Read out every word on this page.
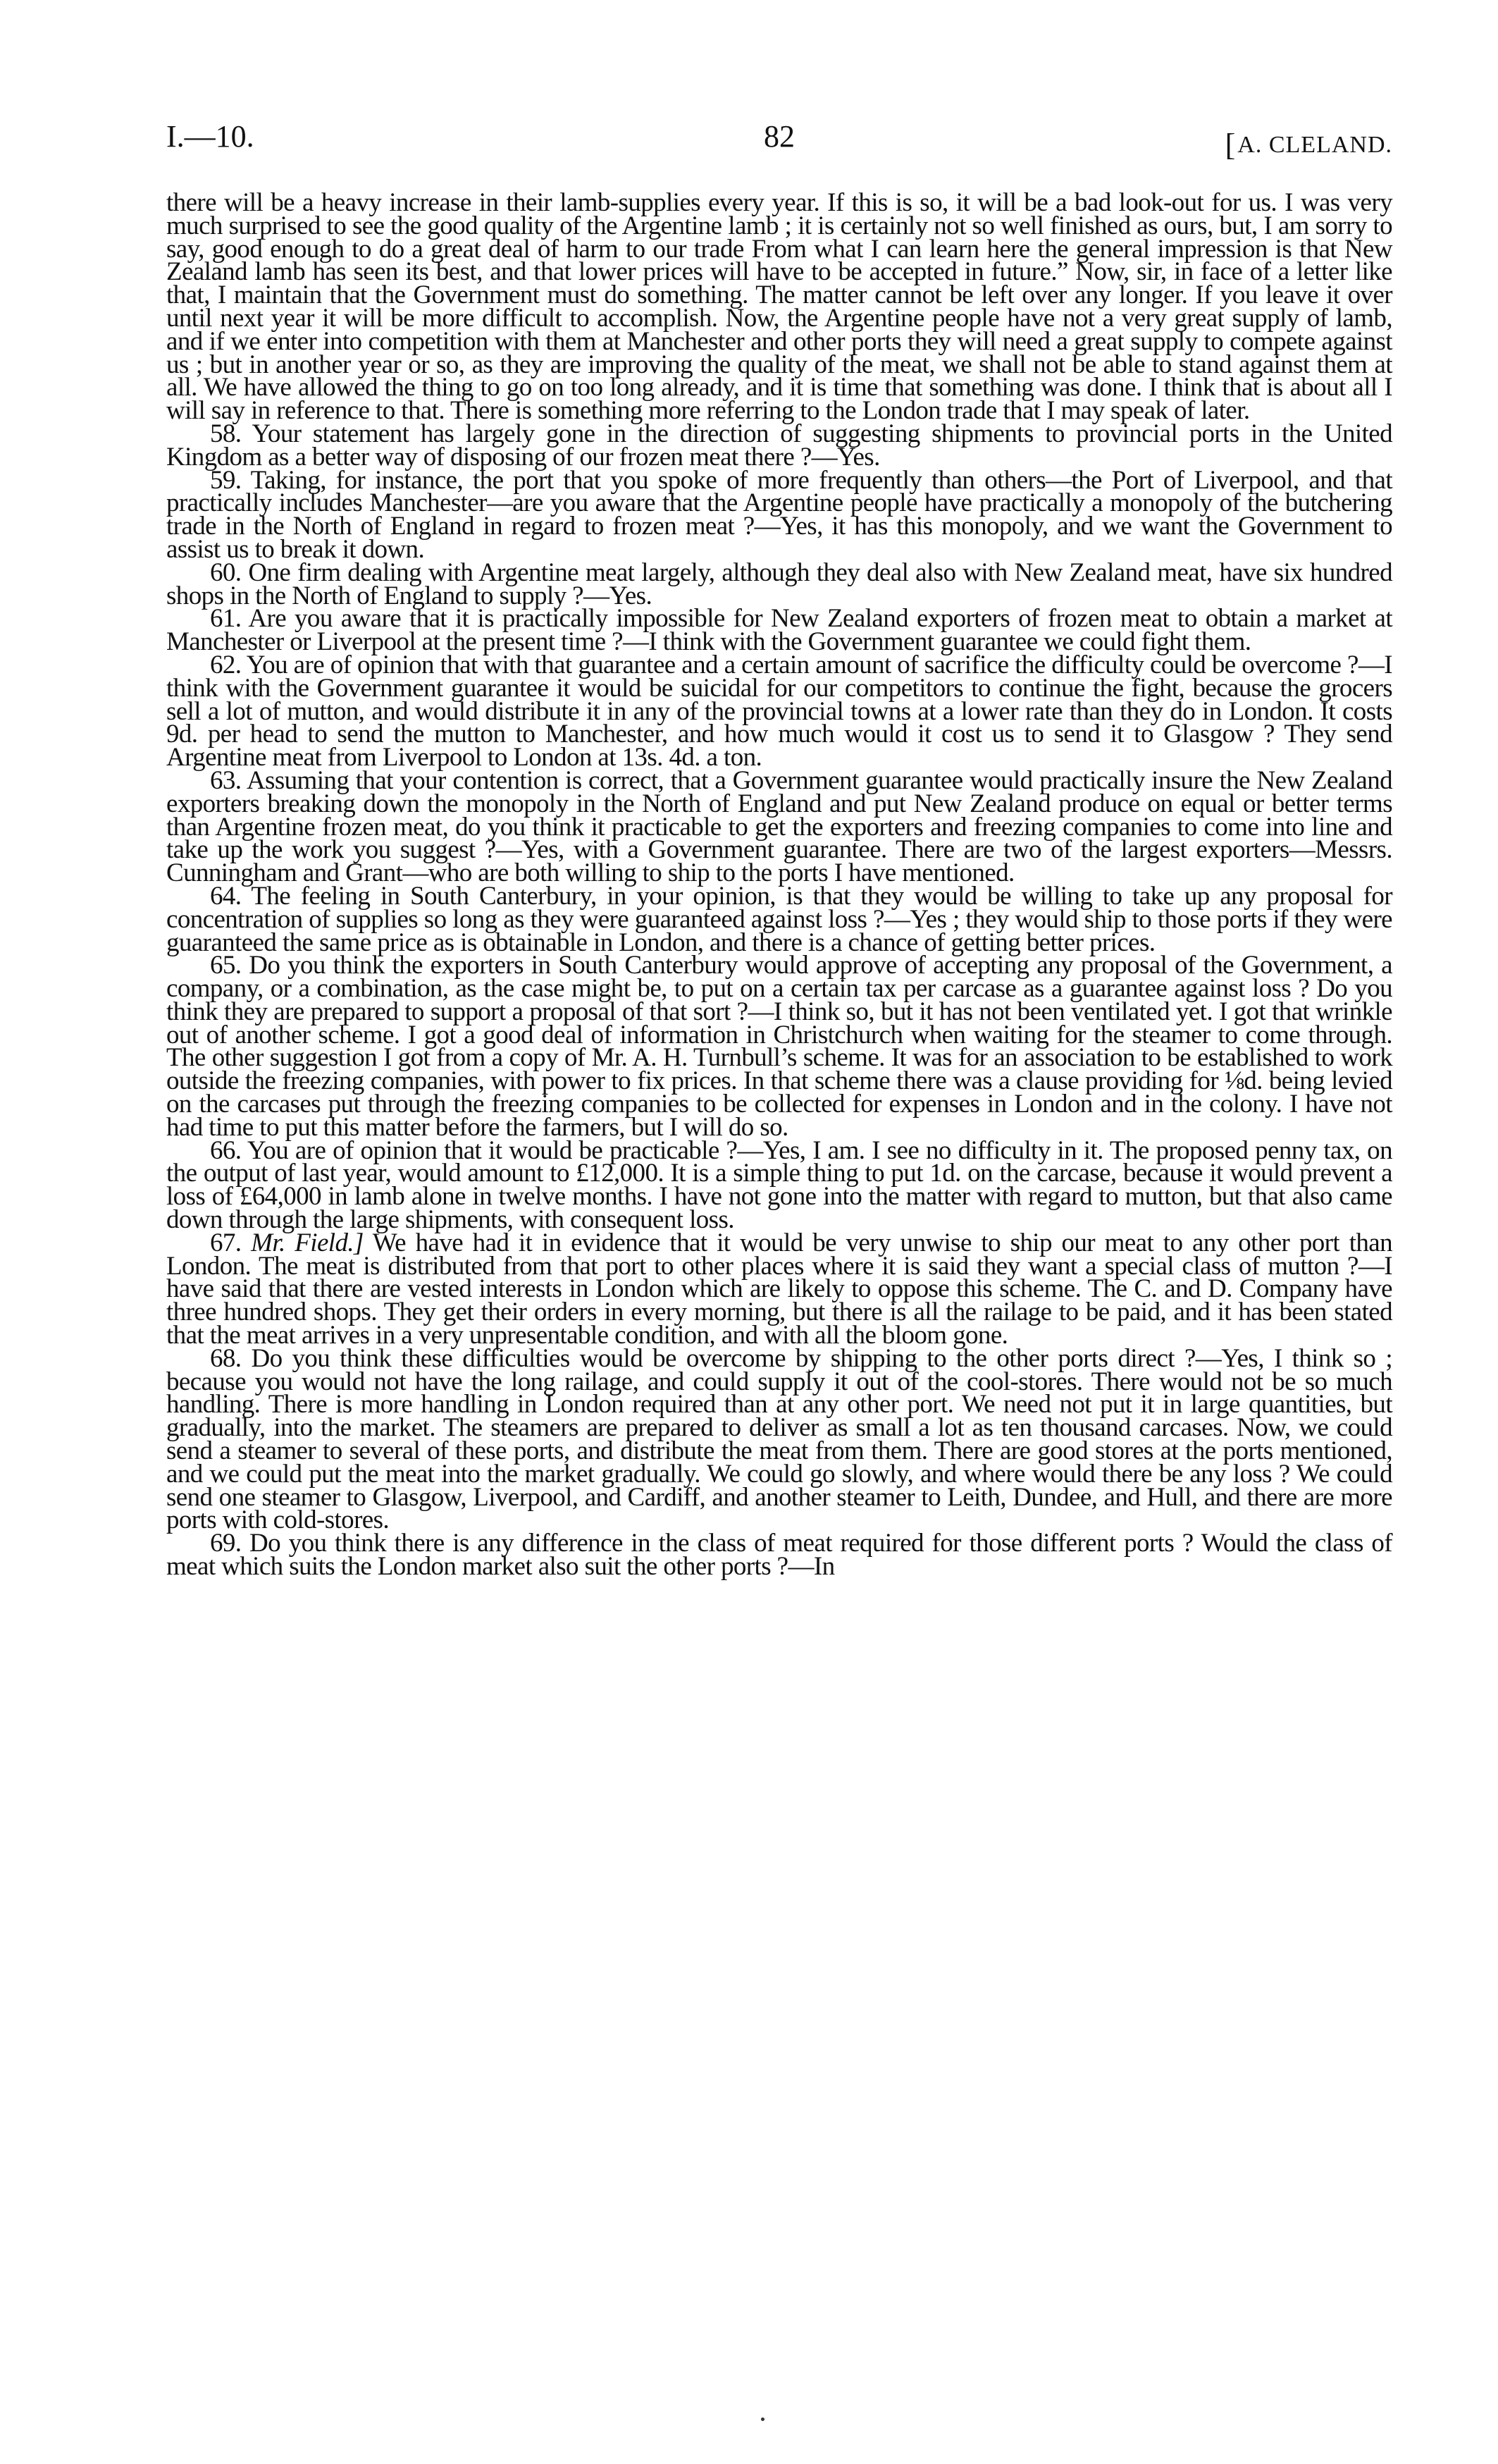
I.—10.	82	[ A. CLELAND.

there will be a heavy increase in their lamb-supplies every year. If this is so, it will be a bad look-out for us. I was very much surprised to see the good quality of the Argentine lamb ; it is certainly not so well finished as ours, but, I am sorry to say, good enough to do a great deal of harm to our trade From what I can learn here the general impression is that New Zealand lamb has seen its best, and that lower prices will have to be accepted in future.” Now, sir, in face of a letter like that, I maintain that the Government must do something. The matter cannot be left over any longer. If you leave it over until next year it will be more difficult to accomplish. Now, the Argentine people have not a very great supply of lamb, and if we enter into competition with them at Manchester and other ports they will need a great supply to compete against us ; but in another year or so, as they are improving the quality of the meat, we shall not be able to stand against them at all. We have allowed the thing to go on too long already, and it is time that something was done. I think that is about all I will say in reference to that. There is something more referring to the London trade that I may speak of later.

58. Your statement has largely gone in the direction of suggesting shipments to provincial ports in the United Kingdom as a better way of disposing of our frozen meat there ?—Yes.

59. Taking, for instance, the port that you spoke of more frequently than others—the Port of Liverpool, and that practically includes Manchester—are you aware that the Argentine people have practically a monopoly of the butchering trade in the North of England in regard to frozen meat ?—Yes, it has this monopoly, and we want the Government to assist us to break it down.

60. One firm dealing with Argentine meat largely, although they deal also with New Zealand meat, have six hundred shops in the North of England to supply ?—Yes.

61. Are you aware that it is practically impossible for New Zealand exporters of frozen meat to obtain a market at Manchester or Liverpool at the present time ?—I think with the Government guarantee we could fight them.

62. You are of opinion that with that guarantee and a certain amount of sacrifice the difficulty could be overcome ?—I think with the Government guarantee it would be suicidal for our competitors to continue the fight, because the grocers sell a lot of mutton, and would distribute it in any of the provincial towns at a lower rate than they do in London. It costs 9d. per head to send the mutton to Manchester, and how much would it cost us to send it to Glasgow ? They send Argentine meat from Liverpool to London at 13s. 4d. a ton.

63. Assuming that your contention is correct, that a Government guarantee would practically insure the New Zealand exporters breaking down the monopoly in the North of England and put New Zealand produce on equal or better terms than Argentine frozen meat, do you think it practicable to get the exporters and freezing companies to come into line and take up the work you suggest ?—Yes, with a Government guarantee. There are two of the largest exporters—Messrs. Cunningham and Grant—who are both willing to ship to the ports I have mentioned.

64. The feeling in South Canterbury, in your opinion, is that they would be willing to take up any proposal for concentration of supplies so long as they were guaranteed against loss ?—Yes ; they would ship to those ports if they were guaranteed the same price as is obtainable in London, and there is a chance of getting better prices.

65. Do you think the exporters in South Canterbury would approve of accepting any proposal of the Government, a company, or a combination, as the case might be, to put on a certain tax per carcase as a guarantee against loss ? Do you think they are prepared to support a proposal of that sort ?—I think so, but it has not been ventilated yet. I got that wrinkle out of another scheme. I got a good deal of information in Christchurch when waiting for the steamer to come through. The other suggestion I got from a copy of Mr. A. H. Turnbull’s scheme. It was for an association to be established to work outside the freezing companies, with power to fix prices. In that scheme there was a clause providing for ⅛d. being levied on the carcases put through the freezing companies to be collected for expenses in London and in the colony. I have not had time to put this matter before the farmers, but I will do so.

66. You are of opinion that it would be practicable ?—Yes, I am. I see no difficulty in it. The proposed penny tax, on the output of last year, would amount to £12,000. It is a simple thing to put 1d. on the carcase, because it would prevent a loss of £64,000 in lamb alone in twelve months. I have not gone into the matter with regard to mutton, but that also came down through the large shipments, with consequent loss.

67. Mr. Field.] We have had it in evidence that it would be very unwise to ship our meat to any other port than London. The meat is distributed from that port to other places where it is said they want a special class of mutton ?—I have said that there are vested interests in London which are likely to oppose this scheme. The C. and D. Company have three hundred shops. They get their orders in every morning, but there is all the railage to be paid, and it has been stated that the meat arrives in a very unpresentable condition, and with all the bloom gone.

68. Do you think these difficulties would be overcome by shipping to the other ports direct ?—Yes, I think so ; because you would not have the long railage, and could supply it out of the cool-stores. There would not be so much handling. There is more handling in London required than at any other port. We need not put it in large quantities, but gradually, into the market. The steamers are prepared to deliver as small a lot as ten thousand carcases. Now, we could send a steamer to several of these ports, and distribute the meat from them. There are good stores at the ports mentioned, and we could put the meat into the market gradually. We could go slowly, and where would there be any loss ? We could send one steamer to Glasgow, Liverpool, and Cardiff, and another steamer to Leith, Dundee, and Hull, and there are more ports with cold-stores.

69. Do you think there is any difference in the class of meat required for those different ports ? Would the class of meat which suits the London market also suit the other ports ?—In
